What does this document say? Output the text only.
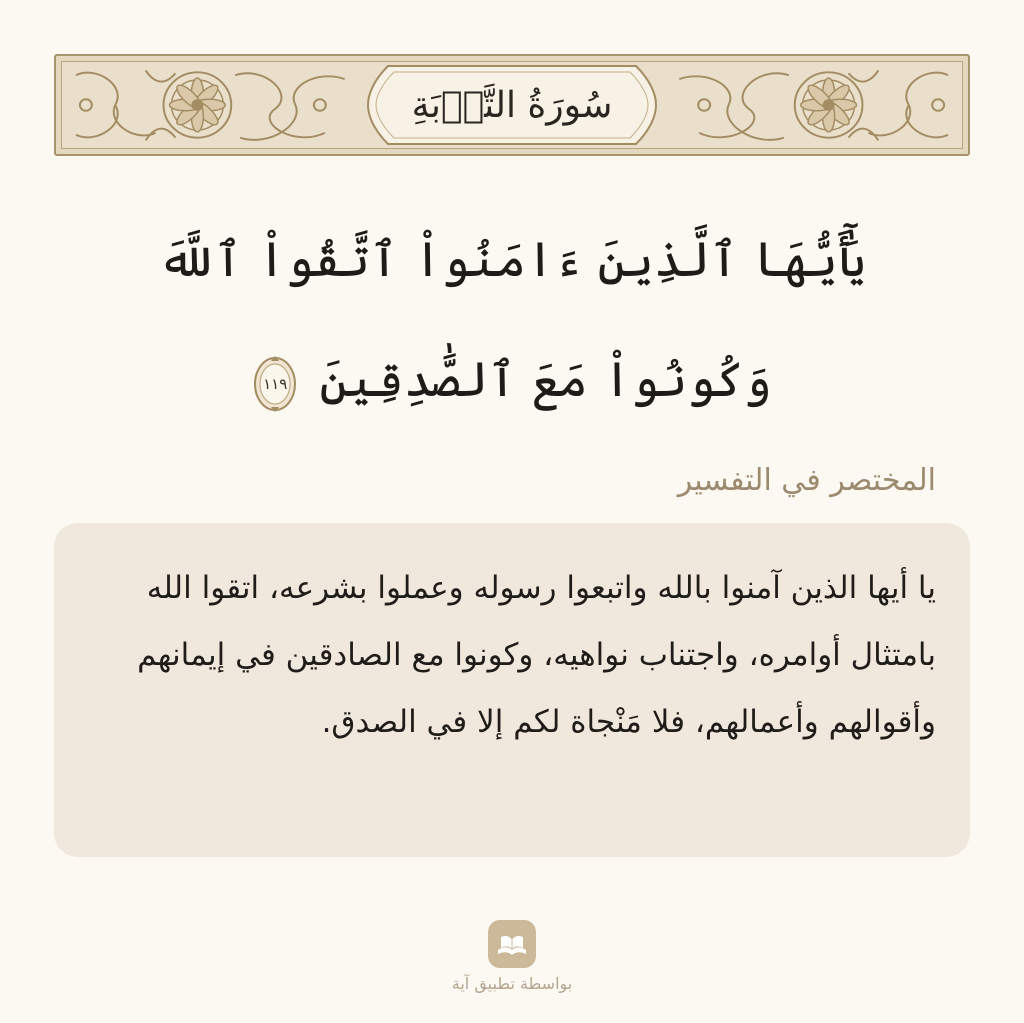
سُورَةُ التَّوۡبَةِ
يَٰٓأَيُّهَا ٱلَّذِينَ ءَامَنُواْ ٱتَّقُواْ ٱللَّهَ وَكُونُواْ مَعَ ٱلصَّٰدِقِينَ
١١٩
المختصر في التفسير
يا أيها الذين آمنوا بالله واتبعوا رسوله وعملوا بشرعه، اتقوا الله بامتثال أوامره، واجتناب نواهيه، وكونوا مع الصادقين في إيمانهم وأقوالهم وأعمالهم، فلا مَنْجاة لكم إلا في الصدق.
بواسطة تطبيق آية
